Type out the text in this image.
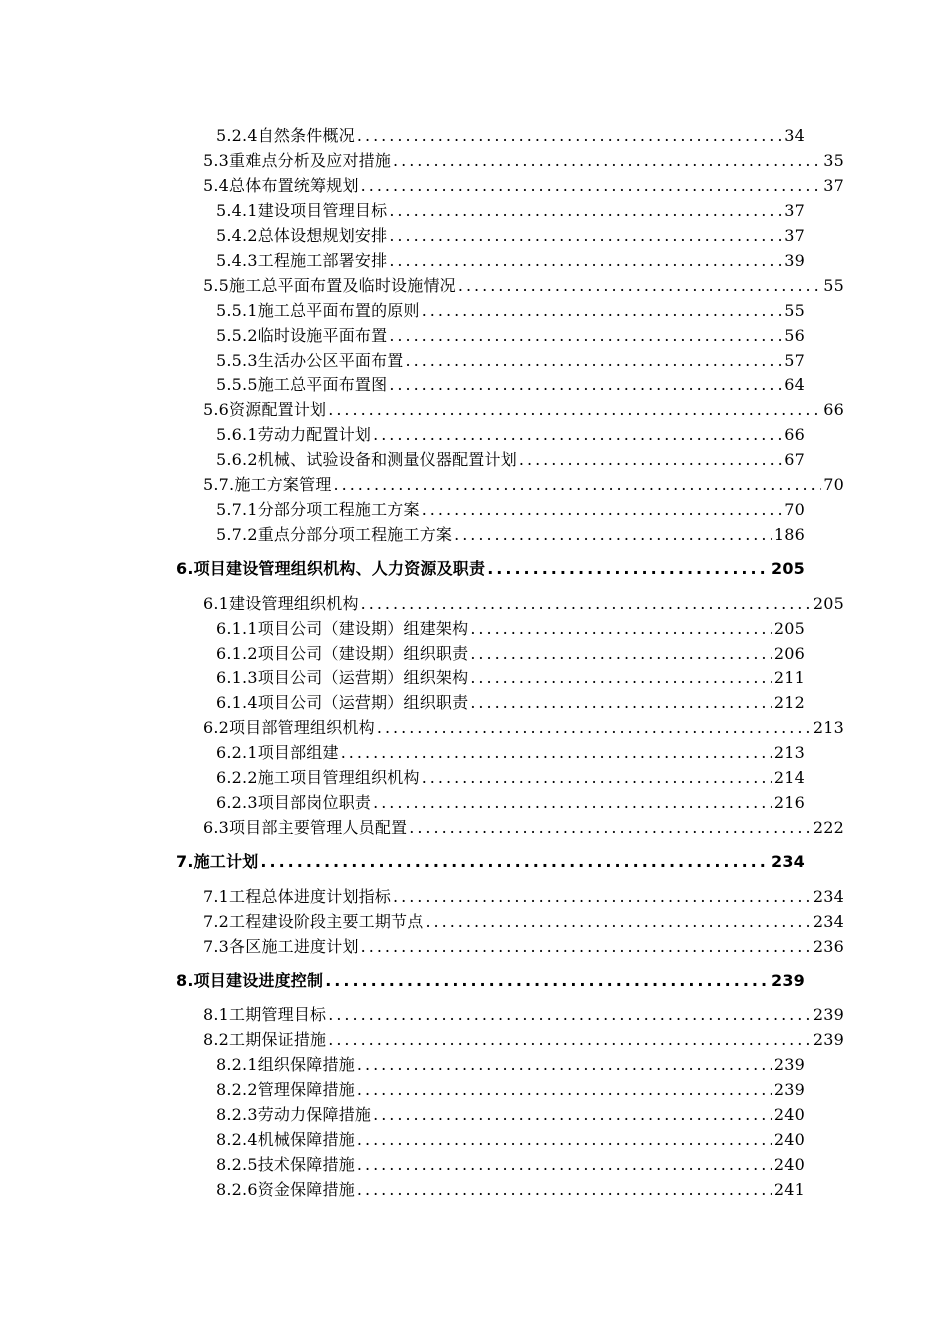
5.2.4自然条件概况 .....	34
5.3重难点分析及应对措施 .....	35
5.4总体布置统筹规划 .....	37
5.4.1建设项目管理目标 .....	37
5.4.2总体设想规划安排 .....	37
5.4.3工程施工部署安排 .....	39
5.5施工总平面布置及临时设施情况 .....	55
5.5.1施工总平面布置的原则 .....	55
5.5.2临时设施平面布置 .....	56
5.5.3生活办公区平面布置 .....	57
5.5.5施工总平面布置图 .....	64
5.6资源配置计划 .....	66
5.6.1劳动力配置计划 .....	66
5.6.2机械、试验设备和测量仪器配置计划 .....	67
5.7.施工方案管理 .....	70
5.7.1分部分项工程施工方案 .....	70
5.7.2重点分部分项工程施工方案 .....	186
6.项目建设管理组织机构、人力资源及职责 .....	205
6.1建设管理组织机构 .....	205
6.1.1项目公司（建设期）组建架构 .....	205
6.1.2项目公司（建设期）组织职责 .....	206
6.1.3项目公司（运营期）组织架构 .....	211
6.1.4项目公司（运营期）组织职责 .....	212
6.2项目部管理组织机构 .....	213
6.2.1项目部组建 .....	213
6.2.2施工项目管理组织机构 .....	214
6.2.3项目部岗位职责 .....	216
6.3项目部主要管理人员配置 .....	222
7.施工计划 .....	234
7.1工程总体进度计划指标 .....	234
7.2工程建设阶段主要工期节点 .....	234
7.3各区施工进度计划 .....	236
8.项目建设进度控制 .....	239
8.1工期管理目标 .....	239
8.2工期保证措施 .....	239
8.2.1组织保障措施 .....	239
8.2.2管理保障措施 .....	239
8.2.3劳动力保障措施 .....	240
8.2.4机械保障措施 .....	240
8.2.5技术保障措施 .....	240
8.2.6资金保障措施 .....	241
